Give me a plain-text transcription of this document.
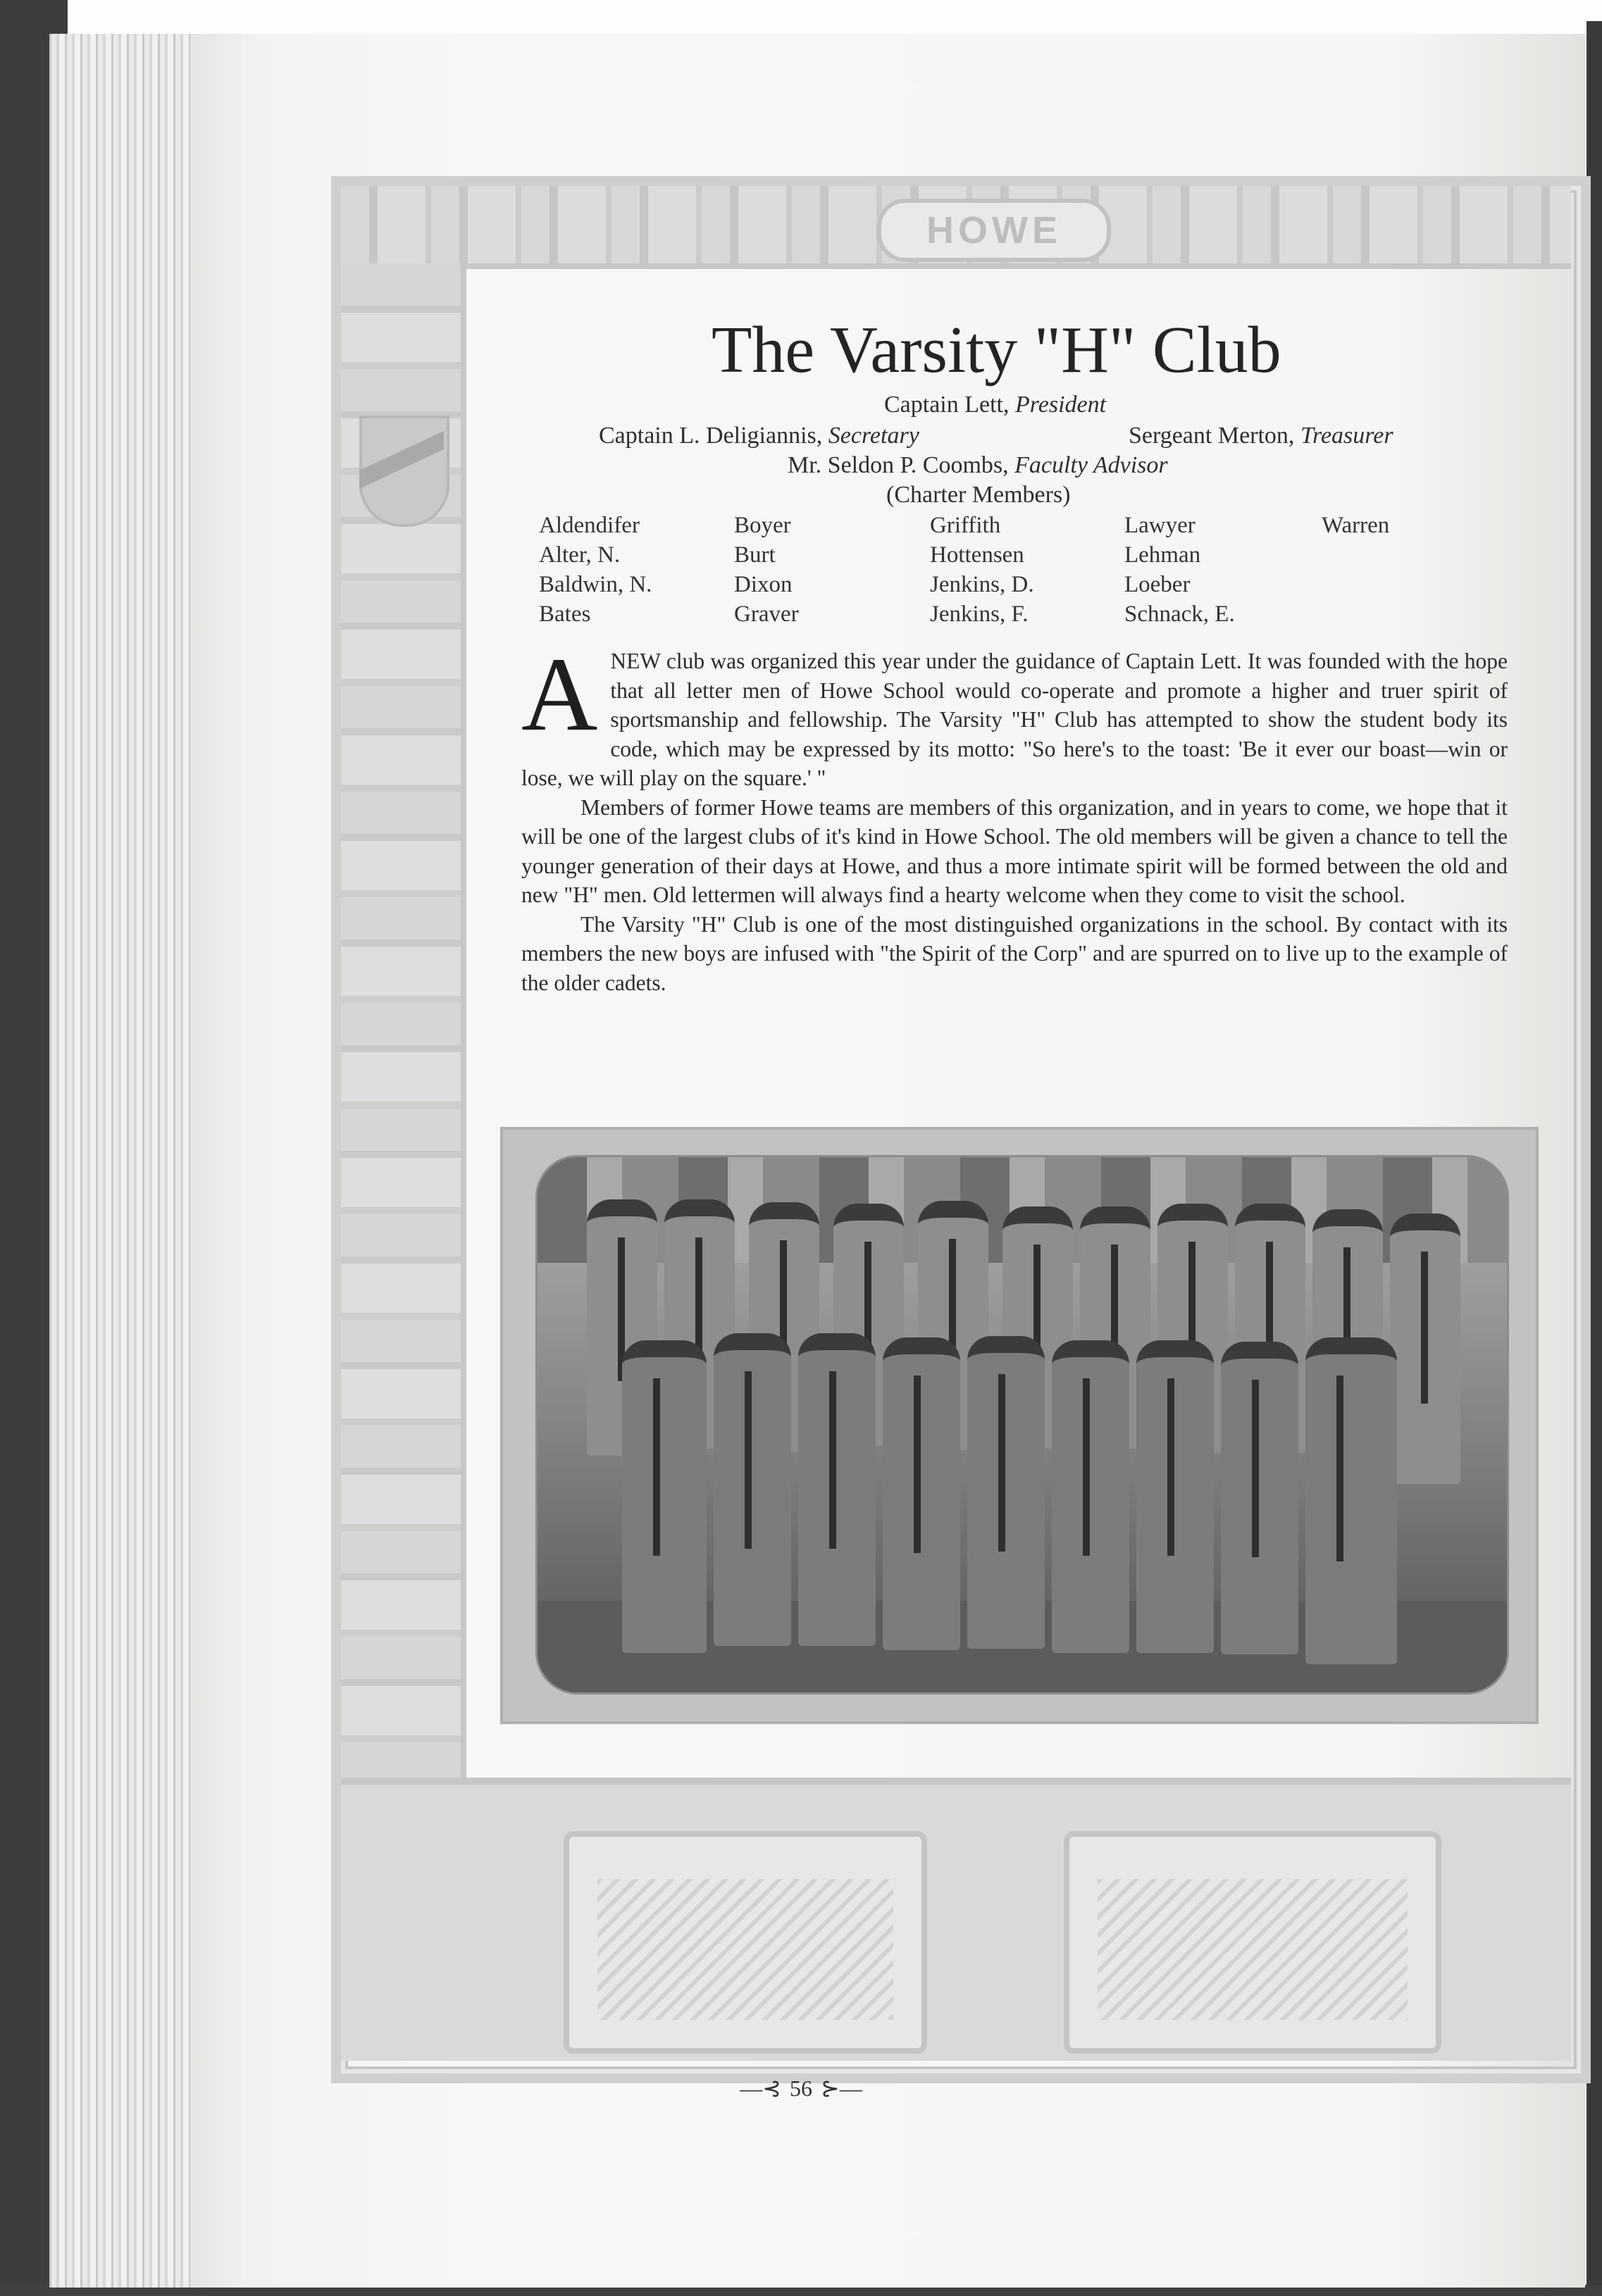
HOWE
The Varsity "H" Club
Captain Lett, President
Captain L. Deligiannis, Secretary	Sergeant Merton, Treasurer
Mr. Seldon P. Coombs, Faculty Advisor
(Charter Members)
Aldendifer
Alter, N.
Baldwin, N.
Bates
Boyer
Burt
Dixon
Graver
Griffith
Hottensen
Jenkins, D.
Jenkins, F.
Lawyer
Lehman
Loeber
Schnack, E.
Warren

ANEW club was organized this year under the guidance of Captain Lett. It was founded with the hope that all letter men of Howe School would co-operate and promote a higher and truer spirit of sportsmanship and fellowship. The Varsity "H" Club has attempted to show the student body its code, which may be expressed by its motto: "So here's to the toast: 'Be it ever our boast—win or lose, we will play on the square.' "

Members of former Howe teams are members of this organization, and in years to come, we hope that it will be one of the largest clubs of it's kind in Howe School. The old members will be given a chance to tell the younger generation of their days at Howe, and thus a more intimate spirit will be formed between the old and new "H" men. Old lettermen will always find a hearty welcome when they come to visit the school.

The Varsity "H" Club is one of the most distinguished organizations in the school. By contact with its members the new boys are infused with "the Spirit of the Corp" and are spurred on to live up to the example of the older cadets.

—⊰ 56 ⊱—
